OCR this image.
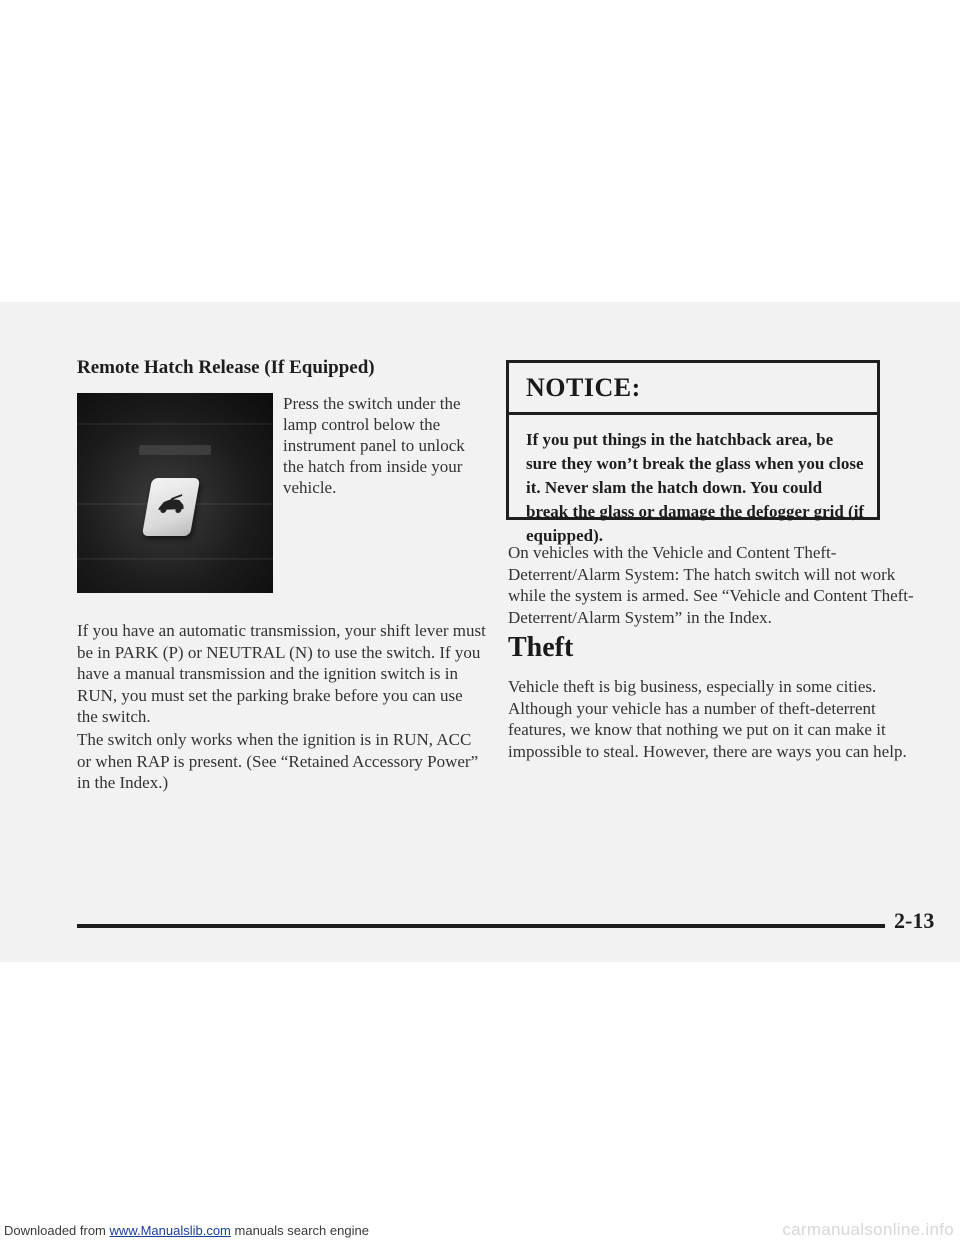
Remote Hatch Release (If Equipped)

Press the switch under the lamp control below the instrument panel to unlock the hatch from inside your vehicle.

If you have an automatic transmission, your shift lever must be in PARK (P) or NEUTRAL (N) to use the switch. If you have a manual transmission and the ignition switch is in RUN, you must set the parking brake before you can use the switch.

The switch only works when the ignition is in RUN, ACC or when RAP is present. (See “Retained Accessory Power” in the Index.)

NOTICE:

If you put things in the hatchback area, be sure they won’t break the glass when you close it. Never slam the hatch down. You could break the glass or damage the defogger grid (if equipped).

On vehicles with the Vehicle and Content Theft-Deterrent/Alarm System: The hatch switch will not work while the system is armed. See “Vehicle and Content Theft-Deterrent/Alarm System” in the Index.

Theft

Vehicle theft is big business, especially in some cities. Although your vehicle has a number of theft-deterrent features, we know that nothing we put on it can make it impossible to steal. However, there are ways you can help.

2-13
Downloaded from www.Manualslib.com manuals search engine	carmanualsonline.info
